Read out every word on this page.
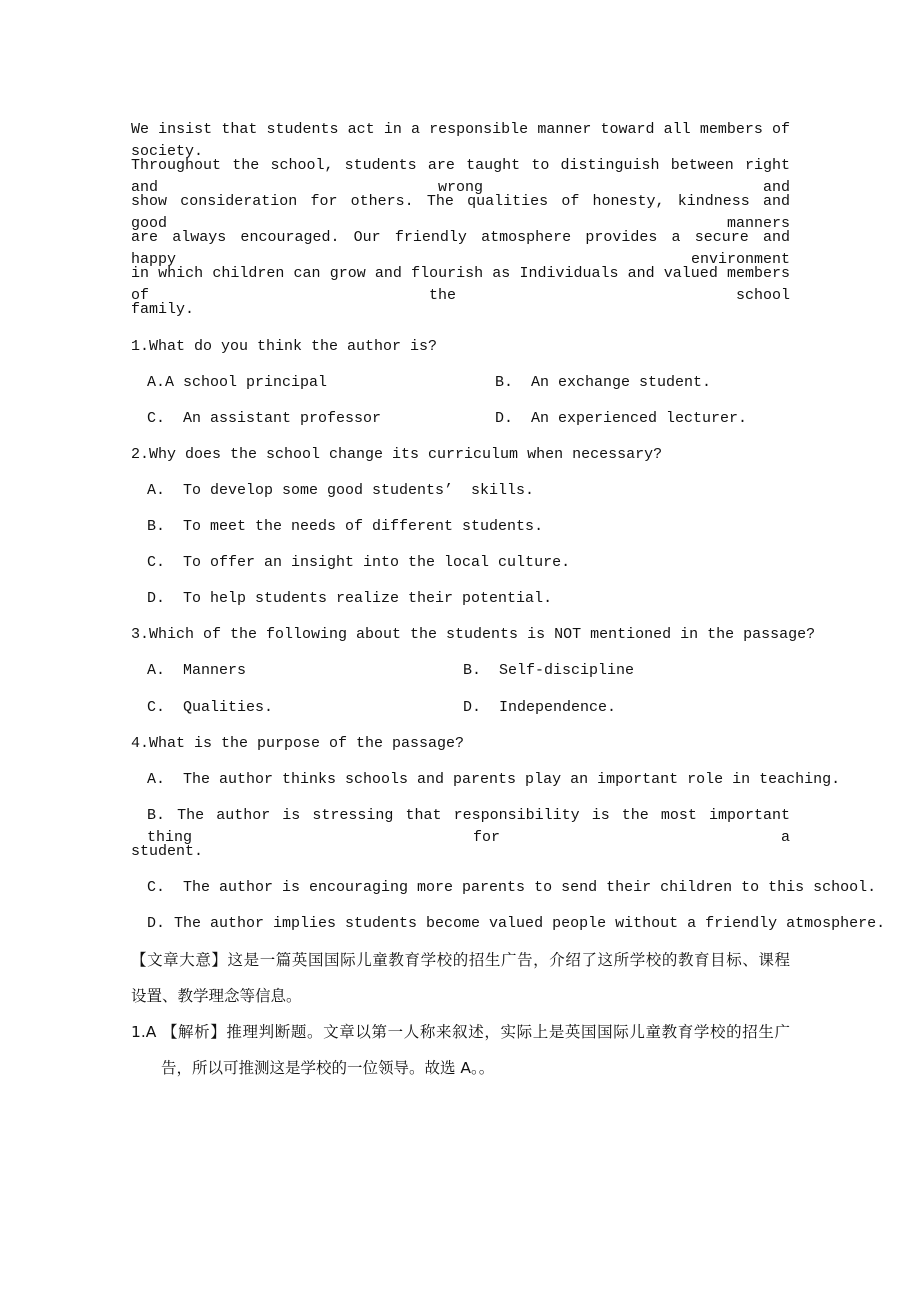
We insist that students act in a responsible manner toward all members of society.
Throughout the school, students are taught to distinguish between right and wrong and
show consideration for others. The qualities of honesty, kindness and good manners
are always encouraged. Our friendly atmosphere provides a secure and happy environment
in which children can grow and flourish as Individuals and valued members of the school
family.
1.What do you think the author is?
A.A school principal	B.  An exchange student.
C.  An assistant professor	D.  An experienced lecturer.
2.Why does the school change its curriculum when necessary?
A.  To develop some good students’  skills.
B.  To meet the needs of different students.
C.  To offer an insight into the local culture.
D.  To help students realize their potential.
3.Which of the following about the students is NOT mentioned in the passage?
A.  Manners	B.  Self-discipline
C.  Qualities.	D.  Independence.
4.What is the purpose of the passage?
A.  The author thinks schools and parents play an important role in teaching.
B. The author is stressing that responsibility is the most important thing for a
student.
C.  The author is encouraging more parents to send their children to this school.
D. The author implies students become valued people without a friendly atmosphere.
【文章大意】这是一篇英国国际儿童教育学校的招生广告，介绍了这所学校的教育目标、课程
设置、教学理念等信息。
1.A 【解析】推理判断题。文章以第一人称来叙述，实际上是英国国际儿童教育学校的招生广
告，所以可推测这是学校的一位领导。故选 A。。
